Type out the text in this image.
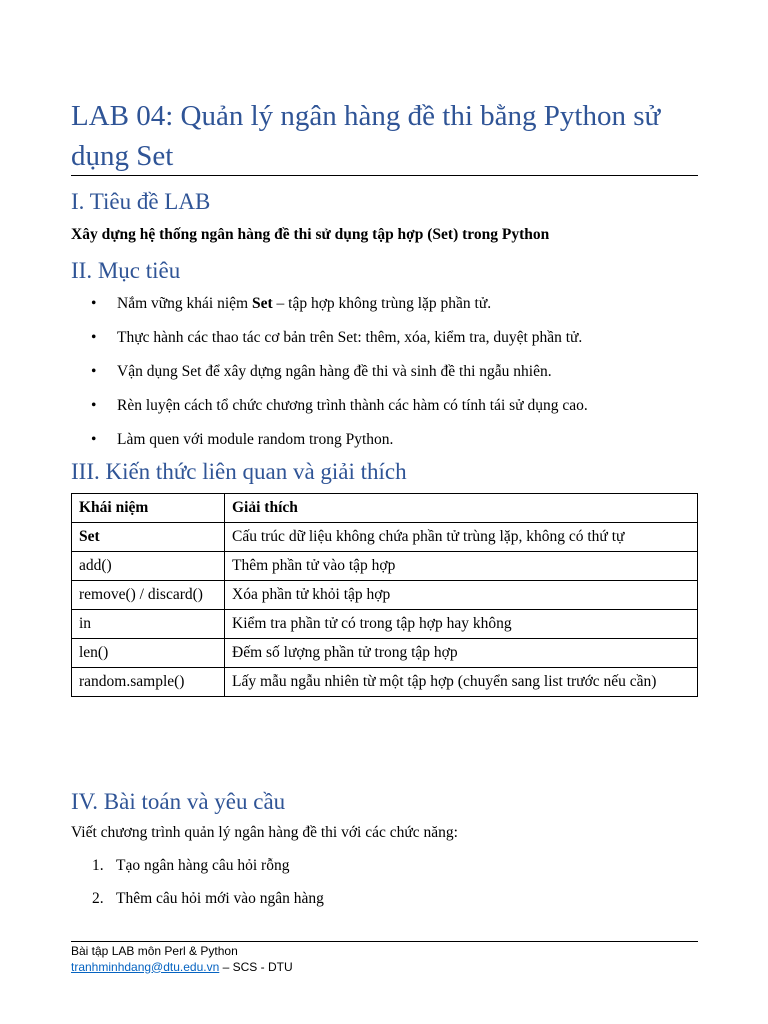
LAB 04: Quản lý ngân hàng đề thi bằng Python sử dụng Set
I. Tiêu đề LAB

Xây dựng hệ thống ngân hàng đề thi sử dụng tập hợp (Set) trong Python

II. Mục tiêu
• Nắm vững khái niệm Set – tập hợp không trùng lặp phần tử.
• Thực hành các thao tác cơ bản trên Set: thêm, xóa, kiểm tra, duyệt phần tử.
• Vận dụng Set để xây dựng ngân hàng đề thi và sinh đề thi ngẫu nhiên.
• Rèn luyện cách tổ chức chương trình thành các hàm có tính tái sử dụng cao.
• Làm quen với module random trong Python.
III. Kiến thức liên quan và giải thích
Khái niệm	Giải thích
Set	Cấu trúc dữ liệu không chứa phần tử trùng lặp, không có thứ tự
add()	Thêm phần tử vào tập hợp
remove() / discard()	Xóa phần tử khỏi tập hợp
in	Kiểm tra phần tử có trong tập hợp hay không
len()	Đếm số lượng phần tử trong tập hợp
random.sample()	Lấy mẫu ngẫu nhiên từ một tập hợp (chuyển sang list trước nếu cần)
IV. Bài toán và yêu cầu

Viết chương trình quản lý ngân hàng đề thi với các chức năng:

1. Tạo ngân hàng câu hỏi rỗng
2. Thêm câu hỏi mới vào ngân hàng
Bài tập LAB môn Perl & Python
tranhminhdang@dtu.edu.vn – SCS - DTU
